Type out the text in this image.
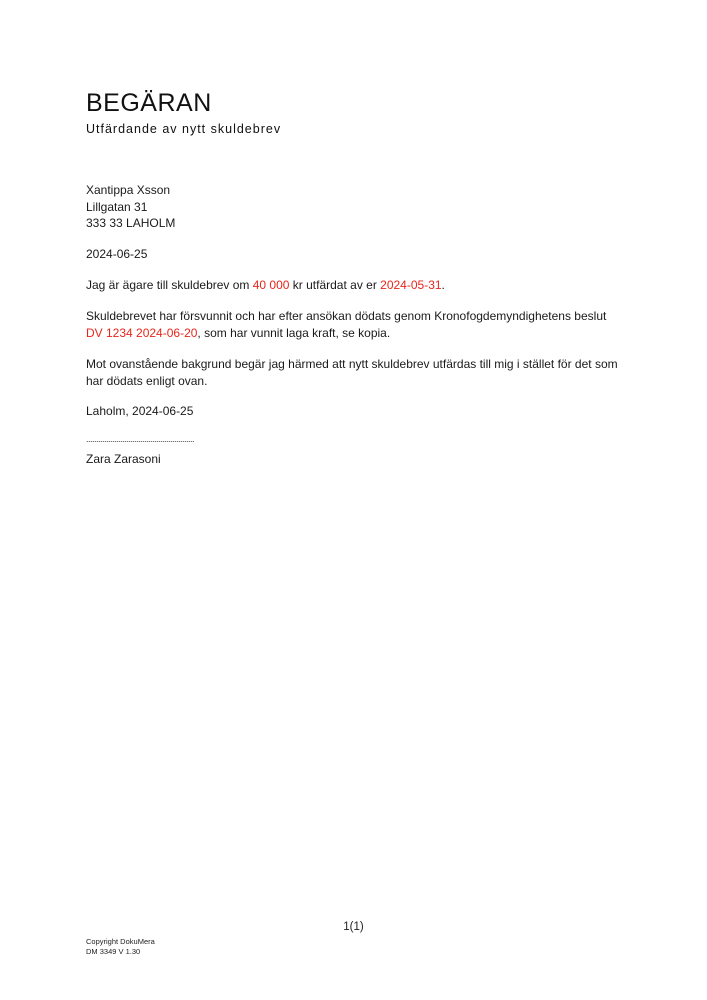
BEGÄRAN
Utfärdande av nytt skuldebrev
Xantippa Xsson
Lillgatan 31
333 33 LAHOLM
2024-06-25
Jag är ägare till skuldebrev om 40 000 kr utfärdat av er 2024-05-31.
Skuldebrevet har försvunnit och har efter ansökan dödats genom Kronofogdemyndighetens beslut DV 1234 2024-06-20, som har vunnit laga kraft, se kopia.
Mot ovanstående bakgrund begär jag härmed att nytt skuldebrev utfärdas till mig i stället för det som har dödats enligt ovan.
Laholm, 2024-06-25
......................................................
Zara Zarasoni
1(1)
Copyright DokuMera
DM 3349 V 1.30
